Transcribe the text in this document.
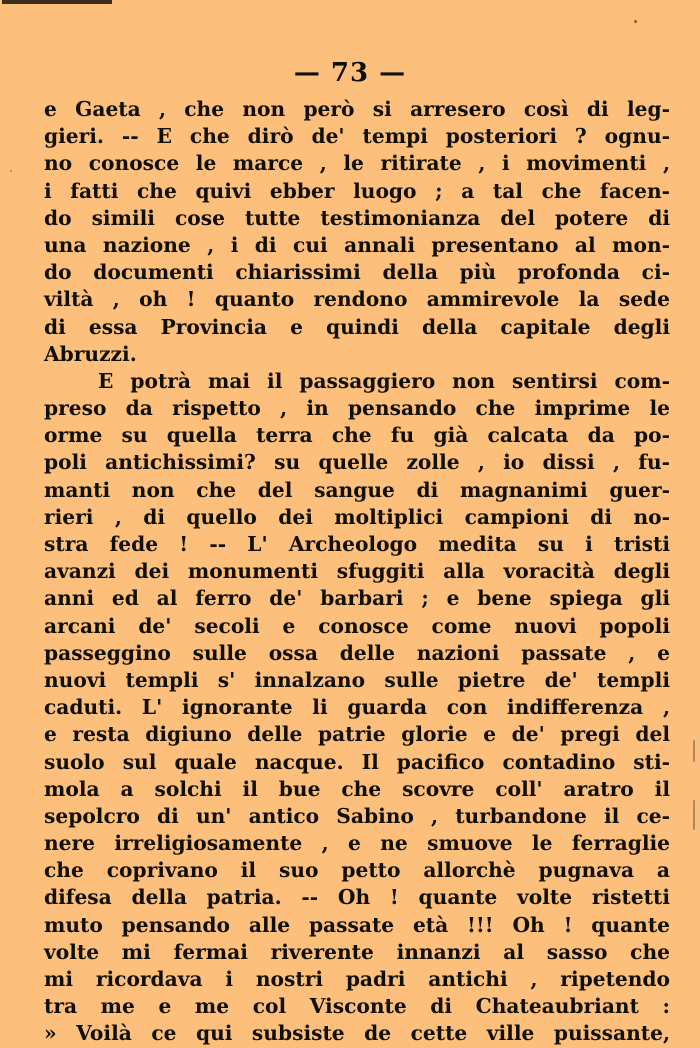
— 73 —
e Gaeta , che non però si arresero così di leg-
gieri. -- E che dirò de' tempi posteriori ? ognu-
no conosce le marce , le ritirate , i movimenti ,
i fatti che quivi ebber luogo ; a tal che facen-
do simili cose tutte testimonianza del potere di
una nazione , i di cui annali presentano al mon-
do documenti chiarissimi della più profonda ci-
viltà , oh ! quanto rendono ammirevole la sede
di essa Provincia e quindi della capitale degli
Abruzzi.
E potrà mai il passaggiero non sentirsi com-
preso da rispetto , in pensando che imprime le
orme su quella terra che fu già calcata da po-
poli antichissimi? su quelle zolle , io dissi , fu-
manti non che del sangue di magnanimi guer-
rieri , di quello dei moltiplici campioni di no-
stra fede ! -- L' Archeologo medita su i tristi
avanzi dei monumenti sfuggiti alla voracità degli
anni ed al ferro de' barbari ; e bene spiega gli
arcani de' secoli e conosce come nuovi popoli
passeggino sulle ossa delle nazioni passate , e
nuovi templi s' innalzano sulle pietre de' templi
caduti. L' ignorante li guarda con indifferenza ,
e resta digiuno delle patrie glorie e de' pregi del
suolo sul quale nacque. Il pacifico contadino sti-
mola a solchi il bue che scovre coll' aratro il
sepolcro di un' antico Sabino , turbandone il ce-
nere irreligiosamente , e ne smuove le ferraglie
che coprivano il suo petto allorchè pugnava a
difesa della patria. -- Oh ! quante volte ristetti
muto pensando alle passate età !!! Oh ! quante
volte mi fermai riverente innanzi al sasso che
mi ricordava i nostri padri antichi , ripetendo
tra me e me col Visconte di Chateaubriant :
» Voilà ce qui subsiste de cette ville puissante,
